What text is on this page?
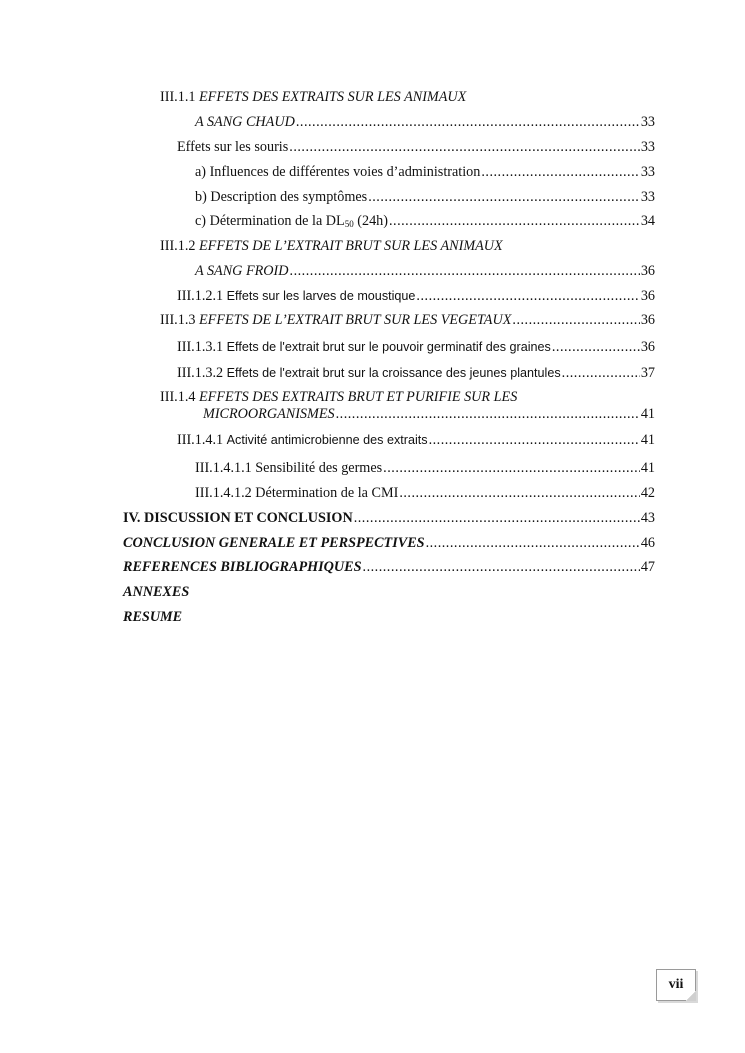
III.1.1 EFFETS DES EXTRAITS SUR LES ANIMAUX
A SANG CHAUD .....	33
Effets sur les souris .....	33
a) Influences de différentes voies d’administration .....	33
b) Description des symptômes .....	33
c) Détermination de la $DL_{50}$ (24h) .....	34
III.1.2 EFFETS DE L’EXTRAIT BRUT SUR LES ANIMAUX
A SANG FROID .....	36
III.1.2.1 Effets sur les larves de moustique .....	36
III.1.3 EFFETS DE L’EXTRAIT BRUT SUR LES VEGETAUX .....	36
III.1.3.1 Effets de l'extrait brut sur le pouvoir germinatif des graines .....	36
III.1.3.2 Effets de l'extrait brut sur la croissance des jeunes plantules .....	37
III.1.4 EFFETS DES EXTRAITS BRUT ET PURIFIE SUR LES
MICROORGANISMES .....	41
III.1.4.1 Activité antimicrobienne des extraits .....	41
III.1.4.1.1 Sensibilité des germes .....	41
III.1.4.1.2 Détermination de la CMI .....	42
IV. DISCUSSION ET CONCLUSION .....	43
CONCLUSION GENERALE ET PERSPECTIVES .....	46
REFERENCES BIBLIOGRAPHIQUES .....	47
ANNEXES
RESUME
vii
